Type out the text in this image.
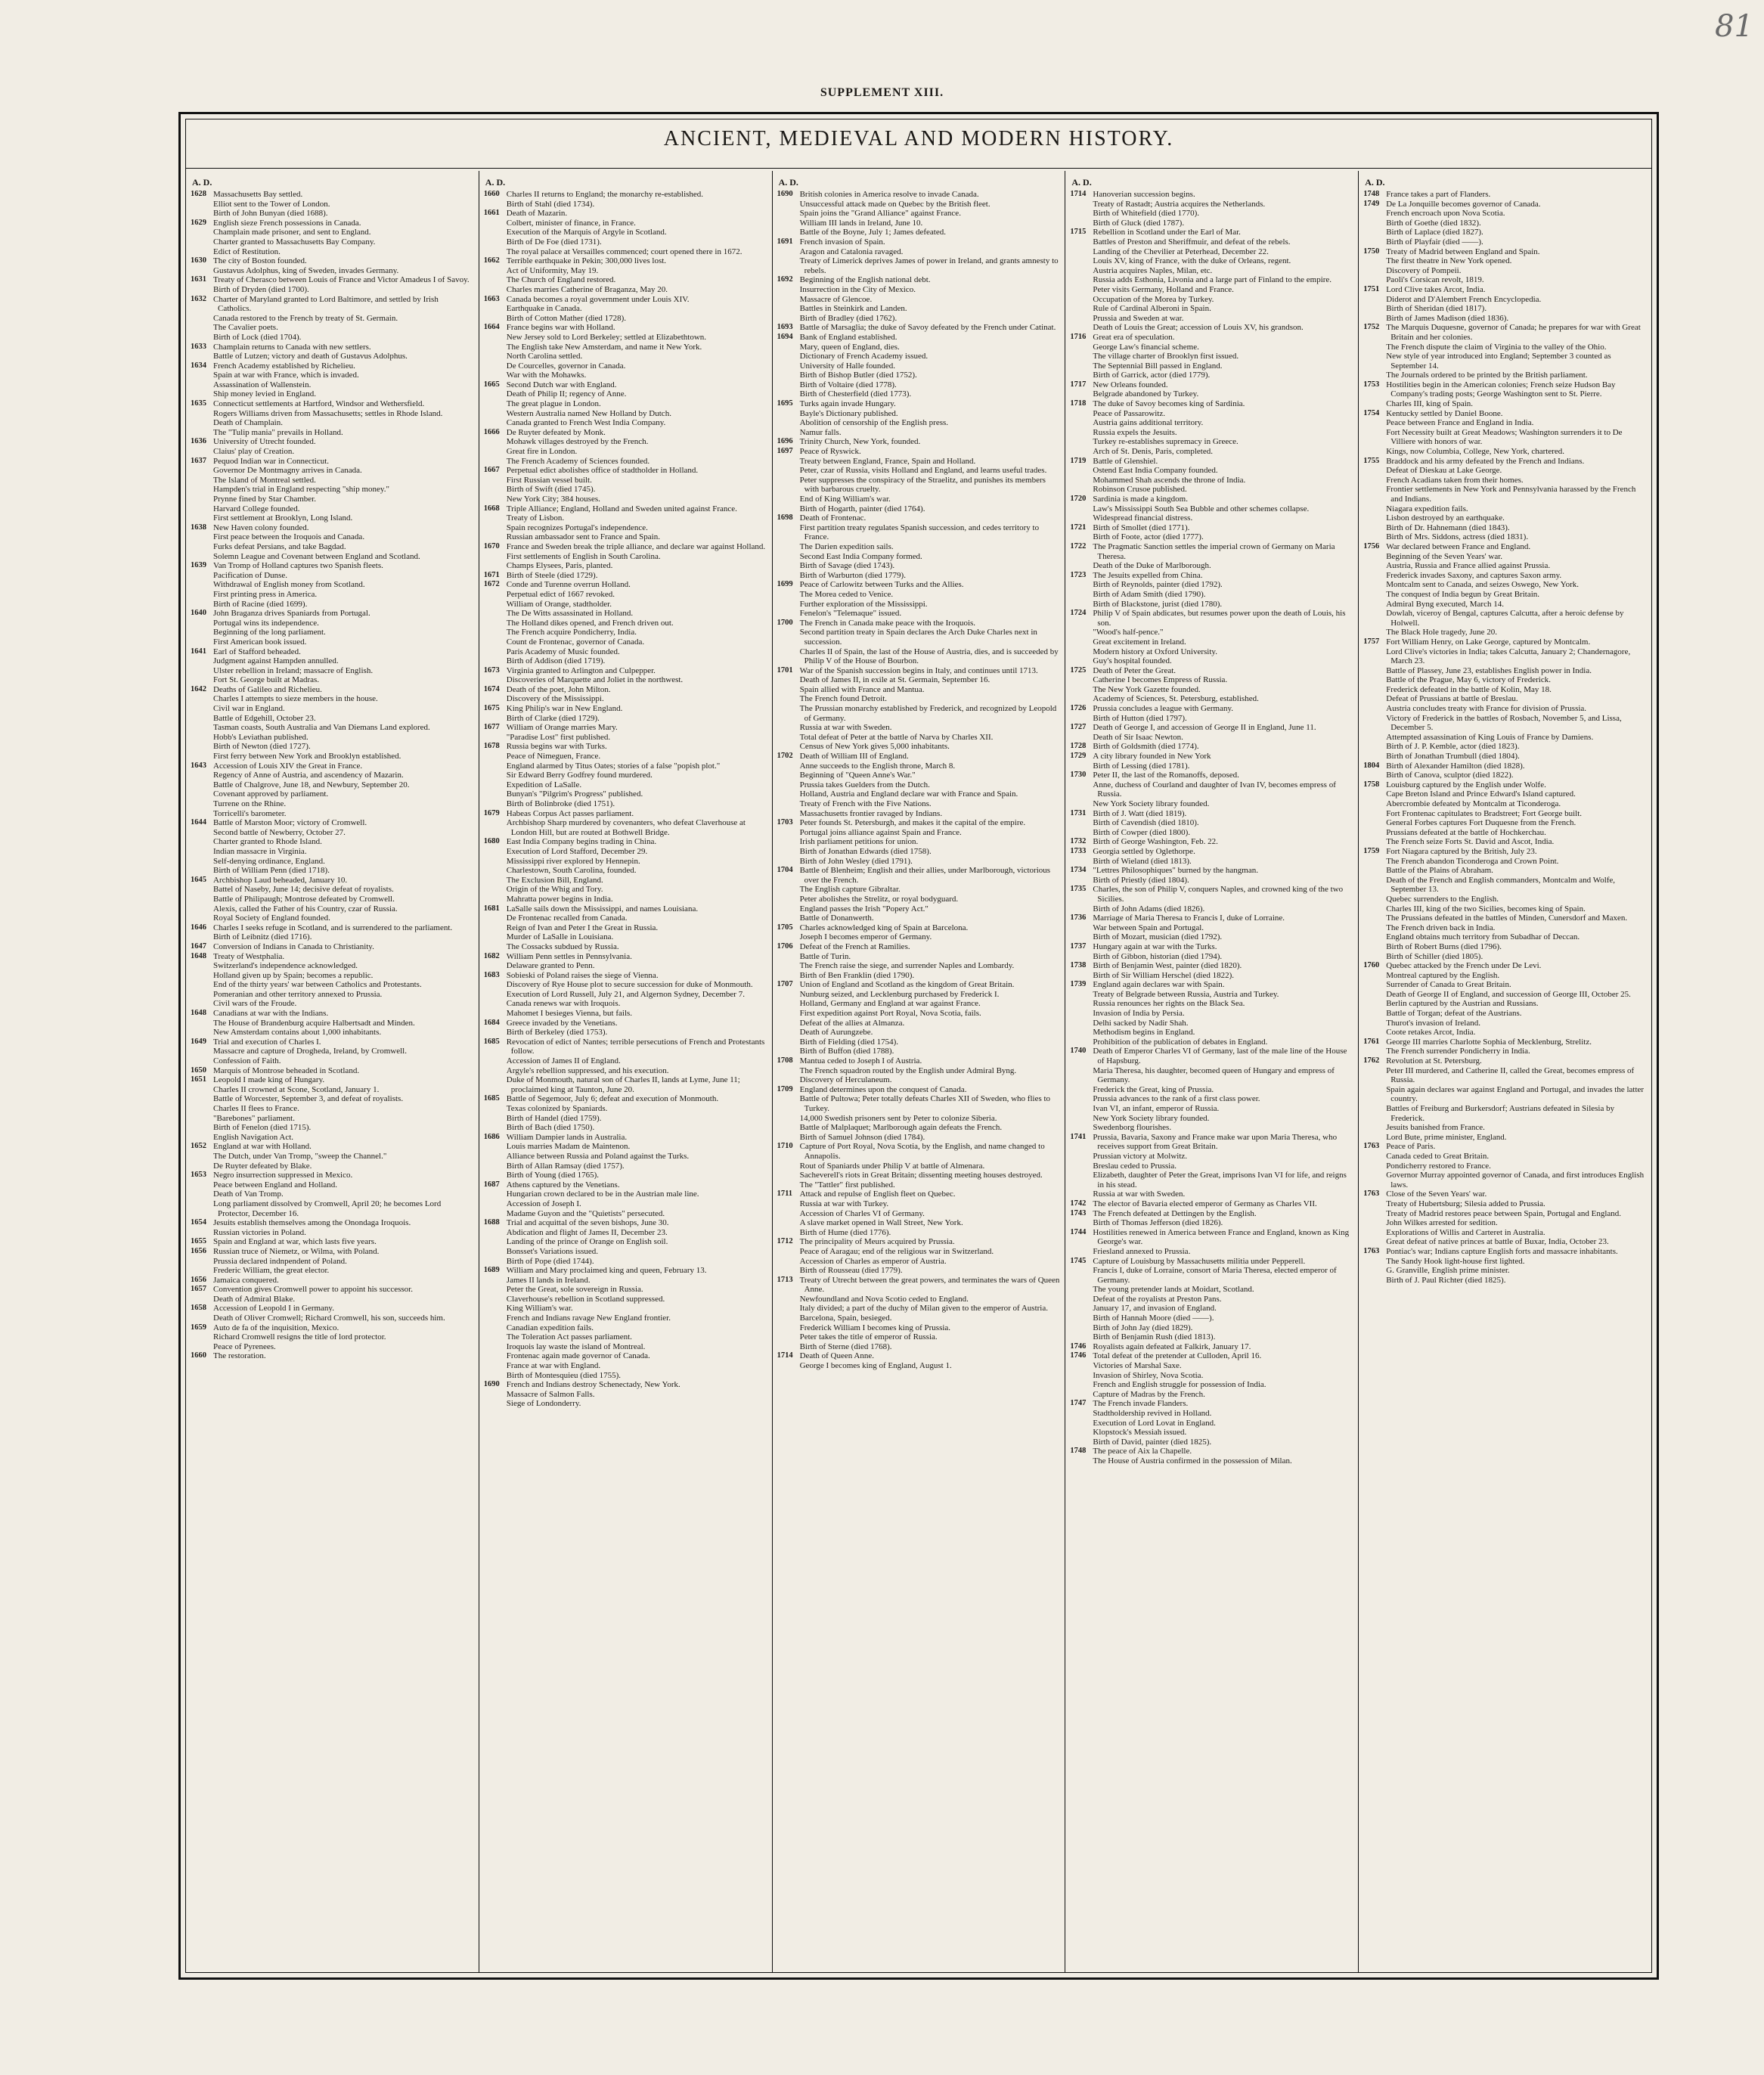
81
SUPPLEMENT XIII.
ANCIENT, MEDIEVAL AND MODERN HISTORY.
A. D.
1628 Massachusetts Bay settled.
Elliot sent to the Tower of London.
Birth of John Bunyan (died 1688).
1629 English sieze French possessions in Canada.
Champlain made prisoner, and sent to England.
Charter granted to Massachusetts Bay Company.
Edict of Restitution.
1630 The city of Boston founded.
Gustavus Adolphus, king of Sweden, invades Germany.
1631 Treaty of Cherasco between Louis of France and Victor Amadeus I of Savoy.
Birth of Dryden (died 1700).
1632 Charter of Maryland granted to Lord Baltimore, and settled by Irish Catholics.
Canada restored to the French by treaty of St. Germain.
The Cavalier poets.
Birth of Lock (died 1704).
1633 Champlain returns to Canada with new settlers.
Battle of Lutzen; victory and death of Gustavus Adolphus.
1634 French Academy established by Richelieu.
Spain at war with France, which is invaded.
Assassination of Wallenstein.
Ship money levied in England.
1635 Connecticut settlements at Hartford, Windsor and Wethersfield.
Rogers Williams driven from Massachusetts; settles in Rhode Island.
Death of Champlain.
The "Tulip mania" prevails in Holland.
1636 University of Utrecht founded.
Claius' play of Creation.
1637 Pequod Indian war in Connecticut.
Governor De Montmagny arrives in Canada.
The Island of Montreal settled.
Hampden's trial in England respecting "ship money."
Prynne fined by Star Chamber.
Harvard College founded.
First settlement at Brooklyn, Long Island.
1638 New Haven colony founded.
First peace between the Iroquois and Canada.
Furks defeat Persians, and take Bagdad.
Solemn League and Covenant between England and Scotland.
1639 Van Tromp of Holland captures two Spanish fleets.
Pacification of Dunse.
Withdrawal of English money from Scotland.
First printing press in America.
Birth of Racine (died 1699).
1640 John Braganza drives Spaniards from Portugal.
Portugal wins its independence.
Beginning of the long parliament.
First American book issued.
1641 Earl of Stafford beheaded.
Judgment against Hampden annulled.
Ulster rebellion in Ireland; massacre of English.
Fort St. George built at Madras.
1642 Deaths of Galileo and Richelieu.
Charles I attempts to sieze members in the house.
Civil war in England.
Battle of Edgehill, October 23.
Tasman coasts, South Australia and Van Diemans Land explored.
Hobb's Leviathan published.
Birth of Newton (died 1727).
First ferry between New York and Brooklyn established.
1643 Accession of Louis XIV the Great in France.
Regency of Anne of Austria, and ascendency of Mazarin.
Battle of Chalgrove, June 18, and Newbury, September 20.
Covenant approved by parliament.
Turrene on the Rhine.
Torricelli's barometer.
1644 Battle of Marston Moor; victory of Cromwell.
Second battle of Newberry, October 27.
Charter granted to Rhode Island.
Indian massacre in Virginia.
Self-denying ordinance, England.
Birth of William Penn (died 1718).
1645 Archbishop Laud beheaded, January 10.
Battel of Naseby, June 14; decisive defeat of royalists.
Battle of Philipaugh; Montrose defeated by Cromwell.
Alexis, called the Father of his Country, czar of Russia.
Royal Society of England founded.
1646 Charles I seeks refuge in Scotland, and is surrendered to the parliament.
Birth of Leibnitz (died 1716).
1647 Conversion of Indians in Canada to Christianity.
1648 Treaty of Westphalia.
Switzerland's independence acknowledged.
Holland given up by Spain; becomes a republic.
End of the thirty years' war between Catholics and Protestants.
Pomeranian and other territory annexed to Prussia.
Civil wars of the Froude.
1648 Canadians at war with the Indians.
The House of Brandenburg acquire Halbertsadt and Minden.
New Amsterdam contains about 1,000 inhabitants.
1649 Trial and execution of Charles I.
Massacre and capture of Drogheda, Ireland, by Cromwell.
Confession of Faith.
1650 Marquis of Montrose beheaded in Scotland.
1651 Leopold I made king of Hungary.
Charles II crowned at Scone, Scotland, January 1.
Battle of Worcester, September 3, and defeat of royalists.
Charles II flees to France.
"Barebones" parliament.
Birth of Fenelon (died 1715).
English Navigation Act.
1652 England at war with Holland.
The Dutch, under Van Tromp, "sweep the Channel."
De Ruyter defeated by Blake.
1653 Negro insurrection suppressed in Mexico.
Peace between England and Holland.
Death of Van Tromp.
Long parliament dissolved by Cromwell, April 20; he becomes Lord Protector, December 16.
1654 Jesuits establish themselves among the Onondaga Iroquois.
Russian victories in Poland.
1655 Spain and England at war, which lasts five years.
1656 Russian truce of Niemetz, or Wilma, with Poland.
Prussia declared indnpendent of Poland.
Frederic William, the great elector.
1656 Jamaica conquered.
1657 Convention gives Cromwell power to appoint his successor.
Death of Admiral Blake.
1658 Accession of Leopold I in Germany.
Death of Oliver Cromwell; Richard Cromwell, his son, succeeds him.
1659 Auto de fa of the inquisition, Mexico.
Richard Cromwell resigns the title of lord protector.
Peace of Pyrenees.
1660 The restoration.
A. D.
1660 Charles II returns to England; the monarchy re-established.
Birth of Stahl (died 1734).
1661 Death of Mazarin.
Colbert, minister of finance, in France.
Execution of the Marquis of Argyle in Scotland.
Birth of De Foe (died 1731).
The royal palace at Versailles commenced; court opened there in 1672.
1662 Terrible earthquake in Pekin; 300,000 lives lost.
Act of Uniformity, May 19.
The Church of England restored.
Charles marries Catherine of Braganza, May 20.
1663 Canada becomes a royal government under Louis XIV.
Earthquake in Canada.
Birth of Cotton Mather (died 1728).
1664 France begins war with Holland.
New Jersey sold to Lord Berkeley; settled at Elizabethtown.
The English take New Amsterdam, and name it New York.
North Carolina settled.
De Courcelles, governor in Canada.
War with the Mohawks.
1665 Second Dutch war with England.
Death of Philip II; regency of Anne.
The great plague in London.
Western Australia named New Holland by Dutch.
Canada granted to French West India Company.
1666 De Ruyter defeated by Monk.
Mohawk villages destroyed by the French.
Great fire in London.
The French Academy of Sciences founded.
1667 Perpetual edict abolishes office of stadtholder in Holland.
First Russian vessel built.
Birth of Swift (died 1745).
New York City; 384 houses.
1668 Triple Alliance; England, Holland and Sweden united against France.
Treaty of Lisbon.
Spain recognizes Portugal's independence.
Russian ambassador sent to France and Spain.
1670 France and Sweden break the triple alliance, and declare war against Holland.
First settlements of English in South Carolina.
Champs Elysees, Paris, planted.
1671 Birth of Steele (died 1729).
1672 Conde and Turenne overrun Holland.
Perpetual edict of 1667 revoked.
William of Orange, stadtholder.
The De Witts assassinated in Holland.
The Holland dikes opened, and French driven out.
The French acquire Pondicherry, India.
Count de Frontenac, governor of Canada.
Paris Academy of Music founded.
Birth of Addison (died 1719).
1673 Virginia granted to Arlington and Culpepper.
Discoveries of Marquette and Joliet in the northwest.
1674 Death of the poet, John Milton.
Discovery of the Mississippi.
1675 King Philip's war in New England.
Birth of Clarke (died 1729).
1677 William of Orange marries Mary.
"Paradise Lost" first published.
1678 Russia begins war with Turks.
Peace of Nimeguen, France.
England alarmed by Titus Oates; stories of a false "popish plot."
Sir Edward Berry Godfrey found murdered.
Expedition of LaSalle.
Bunyan's "Pilgrim's Progress" published.
Birth of Bolinbroke (died 1751).
1679 Habeas Corpus Act passes parliament.
Archbishop Sharp murdered by covenanters, who defeat Claverhouse at London Hill, but are routed at Bothwell Bridge.
1680 East India Company begins trading in China.
Execution of Lord Stafford, December 29.
Mississippi river explored by Hennepin.
Charlestown, South Carolina, founded.
The Exclusion Bill, England.
Origin of the Whig and Tory.
Mahratta power begins in India.
1681 LaSalle sails down the Mississippi, and names Louisiana.
De Frontenac recalled from Canada.
Reign of Ivan and Peter I the Great in Russia.
Murder of LaSalle in Louisiana.
The Cossacks subdued by Russia.
1682 William Penn settles in Pennsylvania.
Delaware granted to Penn.
1683 Sobieski of Poland raises the siege of Vienna.
Discovery of Rye House plot to secure succession for duke of Monmouth.
Execution of Lord Russell, July 21, and Algernon Sydney, December 7.
Canada renews war with Iroquois.
Mahomet I besieges Vienna, but fails.
1684 Greece invaded by the Venetians.
Birth of Berkeley (died 1753).
1685 Revocation of edict of Nantes; terrible persecutions of French and Protestants follow.
Accession of James II of England.
Argyle's rebellion suppressed, and his execution.
Duke of Monmouth, natural son of Charles II, lands at Lyme, June 11; proclaimed king at Taunton, June 20.
1685 Battle of Segemoor, July 6; defeat and execution of Monmouth.
Texas colonized by Spaniards.
Birth of Handel (died 1759).
Birth of Bach (died 1750).
1686 William Dampier lands in Australia.
Louis marries Madam de Maintenon.
Alliance between Russia and Poland against the Turks.
Birth of Allan Ramsay (died 1757).
Birth of Young (died 1765).
1687 Athens captured by the Venetians.
Hungarian crown declared to be in the Austrian male line.
Accession of Joseph I.
Madame Guyon and the "Quietists" persecuted.
1688 Trial and acquittal of the seven bishops, June 30.
Abdication and flight of James II, December 23.
Landing of the prince of Orange on English soil.
Bonsset's Variations issued.
Birth of Pope (died 1744).
1689 William and Mary proclaimed king and queen, February 13.
James II lands in Ireland.
Peter the Great, sole sovereign in Russia.
Claverhouse's rebellion in Scotland suppressed.
King William's war.
French and Indians ravage New England frontier.
Canadian expedition fails.
The Toleration Act passes parliament.
Iroquois lay waste the island of Montreal.
Frontenac again made governor of Canada.
France at war with England.
Birth of Montesquieu (died 1755).
1690 French and Indians destroy Schenectady, New York.
Massacre of Salmon Falls.
Siege of Londonderry.
A. D.
1690 British colonies in America resolve to invade Canada.
Unsuccessful attack made on Quebec by the British fleet.
Spain joins the "Grand Alliance" against France.
William III lands in Ireland, June 10.
Battle of the Boyne, July 1; James defeated.
1691 French invasion of Spain.
Aragon and Catalonia ravaged.
Treaty of Limerick deprives James of power in Ireland, and grants amnesty to rebels.
1692 Beginning of the English national debt.
Insurrection in the City of Mexico.
Massacre of Glencoe.
Battles in Steinkirk and Landen.
Birth of Bradley (died 1762).
1693 Battle of Marsaglia; the duke of Savoy defeated by the French under Catinat.
1694 Bank of England established.
Mary, queen of England, dies.
Dictionary of French Academy issued.
University of Halle founded.
Birth of Bishop Butler (died 1752).
Birth of Voltaire (died 1778).
Birth of Chesterfield (died 1773).
1695 Turks again invade Hungary.
Bayle's Dictionary published.
Abolition of censorship of the English press.
Namur falls.
1696 Trinity Church, New York, founded.
1697 Peace of Ryswick.
Treaty between England, France, Spain and Holland.
Peter, czar of Russia, visits Holland and England, and learns useful trades.
Peter suppresses the conspiracy of the Straelitz, and punishes its members with barbarous cruelty.
End of King William's war.
Birth of Hogarth, painter (died 1764).
1698 Death of Frontenac.
First partition treaty regulates Spanish succession, and cedes territory to France.
The Darien expedition sails.
Second East India Company formed.
Birth of Savage (died 1743).
Birth of Warburton (died 1779).
1699 Peace of Carlowitz between Turks and the Allies.
The Morea ceded to Venice.
Further exploration of the Mississippi.
Fenelon's "Telemaque" issued.
1700 The French in Canada make peace with the Iroquois.
Second partition treaty in Spain declares the Arch Duke Charles next in succession.
Charles II of Spain, the last of the House of Austria, dies, and is succeeded by Philip V of the House of Bourbon.
1701 War of the Spanish succession begins in Italy, and continues until 1713.
Death of James II, in exile at St. Germain, September 16.
Spain allied with France and Mantua.
The French found Detroit.
The Prussian monarchy established by Frederick, and recognized by Leopold of Germany.
Russia at war with Sweden.
Total defeat of Peter at the battle of Narva by Charles XII.
Census of New York gives 5,000 inhabitants.
1702 Death of William III of England.
Anne succeeds to the English throne, March 8.
Beginning of "Queen Anne's War."
Prussia takes Guelders from the Dutch.
Holland, Austria and England declare war with France and Spain.
Treaty of French with the Five Nations.
Massachusetts frontier ravaged by Indians.
1703 Peter founds St. Petersburgh, and makes it the capital of the empire.
Portugal joins alliance against Spain and France.
Irish parliament petitions for union.
Birth of Jonathan Edwards (died 1758).
Birth of John Wesley (died 1791).
1704 Battle of Blenheim; English and their allies, under Marlborough, victorious over the French.
The English capture Gibraltar.
Peter abolishes the Strelitz, or royal bodyguard.
England passes the Irish "Popery Act."
Battle of Donanwerth.
1705 Charles acknowledged king of Spain at Barcelona.
Joseph I becomes emperor of Germany.
1706 Defeat of the French at Ramilies.
Battle of Turin.
The French raise the siege, and surrender Naples and Lombardy.
Birth of Ben Franklin (died 1790).
1707 Union of England and Scotland as the kingdom of Great Britain.
Nunburg seized, and Lecklenburg purchased by Frederick I.
Holland, Germany and England at war against France.
First expedition against Port Royal, Nova Scotia, fails.
Defeat of the allies at Almanza.
Death of Aurungzebe.
Birth of Fielding (died 1754).
Birth of Buffon (died 1788).
1708 Mantua ceded to Joseph I of Austria.
The French squadron routed by the English under Admiral Byng.
Discovery of Herculaneum.
1709 England determines upon the conquest of Canada.
Battle of Pultowa; Peter totally defeats Charles XII of Sweden, who flies to Turkey.
14,000 Swedish prisoners sent by Peter to colonize Siberia.
Battle of Malplaquet; Marlborough again defeats the French.
Birth of Samuel Johnson (died 1784).
1710 Capture of Port Royal, Nova Scotia, by the English, and name changed to Annapolis.
Rout of Spaniards under Philip V at battle of Almenara.
Sacheverell's riots in Great Britain; dissenting meeting houses destroyed.
The "Tattler" first published.
1711 Attack and repulse of English fleet on Quebec.
Russia at war with Turkey.
Accession of Charles VI of Germany.
A slave market opened in Wall Street, New York.
Birth of Hume (died 1776).
1712 The principality of Meurs acquired by Prussia.
Peace of Aaragau; end of the religious war in Switzerland.
Accession of Charles as emperor of Austria.
Birth of Rousseau (died 1779).
1713 Treaty of Utrecht between the great powers, and terminates the wars of Queen Anne.
Newfoundland and Nova Scotio ceded to England.
Italy divided; a part of the duchy of Milan given to the emperor of Austria.
Barcelona, Spain, besieged.
Frederick William I becomes king of Prussia.
Peter takes the title of emperor of Russia.
Birth of Sterne (died 1768).
1714 Death of Queen Anne.
George I becomes king of England, August 1.
A. D.
1714 Hanoverian succession begins.
Treaty of Rastadt; Austria acquires the Netherlands.
Birth of Whitefield (died 1770).
Birth of Gluck (died 1787).
1715 Rebellion in Scotland under the Earl of Mar.
Battles of Preston and Sheriffmuir, and defeat of the rebels.
Landing of the Chevilier at Peterhead, December 22.
Louis XV, king of France, with the duke of Orleans, regent.
Austria acquires Naples, Milan, etc.
Russia adds Esthonia, Livonia and a large part of Finland to the empire.
Peter visits Germany, Holland and France.
Occupation of the Morea by Turkey.
Rule of Cardinal Alberoni in Spain.
Prussia and Sweden at war.
Death of Louis the Great; accession of Louis XV, his grandson.
1716 Great era of speculation.
George Law's financial scheme.
The village charter of Brooklyn first issued.
The Septennial Bill passed in England.
Birth of Garrick, actor (died 1779).
1717 New Orleans founded.
Belgrade abandoned by Turkey.
1718 The duke of Savoy becomes king of Sardinia.
Peace of Passarowitz.
Austria gains additional territory.
Russia expels the Jesuits.
Turkey re-establishes supremacy in Greece.
Arch of St. Denis, Paris, completed.
1719 Battle of Glenshiel.
Ostend East India Company founded.
Mohammed Shah ascends the throne of India.
Robinson Crusoe published.
1720 Sardinia is made a kingdom.
Law's Mississippi South Sea Bubble and other schemes collapse.
Widespread financial distress.
1721 Birth of Smollet (died 1771).
Birth of Foote, actor (died 1777).
1722 The Pragmatic Sanction settles the imperial crown of Germany on Maria Theresa.
Death of the Duke of Marlborough.
1723 The Jesuits expelled from China.
Birth of Reynolds, painter (died 1792).
Birth of Adam Smith (died 1790).
Birth of Blackstone, jurist (died 1780).
1724 Philip V of Spain abdicates, but resumes power upon the death of Louis, his son.
"Wood's half-pence."
Great excitement in Ireland.
Modern history at Oxford University.
Guy's hospital founded.
1725 Death of Peter the Great.
Catherine I becomes Empress of Russia.
The New York Gazette founded.
Academy of Sciences, St. Petersburg, established.
1726 Prussia concludes a league with Germany.
Birth of Hutton (died 1797).
1727 Death of George I, and accession of George II in England, June 11.
Death of Sir Isaac Newton.
1728 Birth of Goldsmith (died 1774).
1729 A city library founded in New York
Birth of Lessing (died 1781).
1730 Peter II, the last of the Romanoffs, deposed.
Anne, duchess of Courland and daughter of Ivan IV, becomes empress of Russia.
New York Society library founded.
1731 Birth of J. Watt (died 1819).
Birth of Cavendish (died 1810).
Birth of Cowper (died 1800).
1732 Birth of George Washington, Feb. 22.
1733 Georgia settled by Oglethorpe.
Birth of Wieland (died 1813).
1734 "Lettres Philosophiques" burned by the hangman.
Birth of Priestly (died 1804).
1735 Charles, the son of Philip V, conquers Naples, and crowned king of the two Sicilies.
Birth of John Adams (died 1826).
1736 Marriage of Maria Theresa to Francis I, duke of Lorraine.
War between Spain and Portugal.
Birth of Mozart, musician (died 1792).
1737 Hungary again at war with the Turks.
Birth of Gibbon, historian (died 1794).
1738 Birth of Benjamin West, painter (died 1820).
Birth of Sir William Herschel (died 1822).
1739 England again declares war with Spain.
Treaty of Belgrade between Russia, Austria and Turkey.
Russia renounces her rights on the Black Sea.
Invasion of India by Persia.
Delhi sacked by Nadir Shah.
Methodism begins in England.
Prohibition of the publication of debates in England.
1740 Death of Emperor Charles VI of Germany, last of the male line of the House of Hapsburg.
Maria Theresa, his daughter, becomed queen of Hungary and empress of Germany.
Frederick the Great, king of Prussia.
Prussia advances to the rank of a first class power.
Ivan VI, an infant, emperor of Russia.
New York Society library founded.
Swedenborg flourishes.
1741 Prussia, Bavaria, Saxony and France make war upon Maria Theresa, who receives support from Great Britain.
Prussian victory at Molwitz.
Breslau ceded to Prussia.
Elizabeth, daughter of Peter the Great, imprisons Ivan VI for life, and reigns in his stead.
Russia at war with Sweden.
1742 The elector of Bavaria elected emperor of Germany as Charles VII.
1743 The French defeated at Dettingen by the English.
Birth of Thomas Jefferson (died 1826).
1744 Hostilities renewed in America between France and England, known as King George's war.
Friesland annexed to Prussia.
1745 Capture of Louisburg by Massachusetts militia under Pepperell.
Francis I, duke of Lorraine, consort of Maria Theresa, elected emperor of Germany.
The young pretender lands at Moidart, Scotland.
Defeat of the royalists at Preston Pans.
January 17, and invasion of England.
Birth of Hannah Moore (died ——).
Birth of John Jay (died 1829).
Birth of Benjamin Rush (died 1813).
1746 Royalists again defeated at Falkirk, January 17.
1746 Total defeat of the pretender at Culloden, April 16.
Victories of Marshal Saxe.
Invasion of Shirley, Nova Scotia.
French and English struggle for possession of India.
Capture of Madras by the French.
1747 The French invade Flanders.
Stadtholdership revived in Holland.
Execution of Lord Lovat in England.
Klopstock's Messiah issued.
Birth of David, painter (died 1825).
1748 The peace of Aix la Chapelle.
The House of Austria confirmed in the possession of Milan.
A. D.
1748 France takes a part of Flanders.
1749 De La Jonquille becomes governor of Canada.
French encroach upon Nova Scotia.
Birth of Goethe (died 1832).
Birth of Laplace (died 1827).
Birth of Playfair (died ——).
1750 Treaty of Madrid between England and Spain.
The first theatre in New York opened.
Discovery of Pompeii.
Paoli's Corsican revolt, 1819.
1751 Lord Clive takes Arcot, India.
Diderot and D'Alembert French Encyclopedia.
Birth of Sheridan (died 1817).
Birth of James Madison (died 1836).
1752 The Marquis Duquesne, governor of Canada; he prepares for war with Great Britain and her colonies.
The French dispute the claim of Virginia to the valley of the Ohio.
New style of year introduced into England; September 3 counted as September 14.
The Journals ordered to be printed by the British parliament.
1753 Hostilities begin in the American colonies; French seize Hudson Bay Company's trading posts; George Washington sent to St. Pierre.
Charles III, king of Spain.
1754 Kentucky settled by Daniel Boone.
Peace between France and England in India.
Fort Necessity built at Great Meadows; Washington surrenders it to De Villiere with honors of war.
Kings, now Columbia, College, New York, chartered.
1755 Braddock and his army defeated by the French and Indians.
Defeat of Dieskau at Lake George.
French Acadians taken from their homes.
Frontier settlements in New York and Pennsylvania harassed by the French and Indians.
Niagara expedition fails.
Lisbon destroyed by an earthquake.
Birth of Dr. Hahnemann (died 1843).
Birth of Mrs. Siddons, actress (died 1831).
1756 War declared between France and England.
Beginning of the Seven Years' war.
Austria, Russia and France allied against Prussia.
Frederick invades Saxony, and captures Saxon army.
Montcalm sent to Canada, and seizes Oswego, New York.
The conquest of India begun by Great Britain.
Admiral Byng executed, March 14.
Dowlah, viceroy of Bengal, captures Calcutta, after a heroic defense by Holwell.
The Black Hole tragedy, June 20.
1757 Fort William Henry, on Lake George, captured by Montcalm.
Lord Clive's victories in India; takes Calcutta, January 2; Chandernagore, March 23.
Battle of Plassey, June 23, establishes English power in India.
Battle of the Prague, May 6, victory of Frederick.
Frederick defeated in the battle of Kolin, May 18.
Defeat of Prussians at battle of Breslau.
Austria concludes treaty with France for division of Prussia.
Victory of Frederick in the battles of Rosbach, November 5, and Lissa, December 5.
Attempted assassination of King Louis of France by Damiens.
Birth of J. P. Kemble, actor (died 1823).
Birth of Jonathan Trumbull (died 1804).
1804 Birth of Alexander Hamilton (died 1828).
Birth of Canova, sculptor (died 1822).
1758 Louisburg captured by the English under Wolfe.
Cape Breton Island and Prince Edward's Island captured.
Abercrombie defeated by Montcalm at Ticonderoga.
Fort Frontenac capitulates to Bradstreet; Fort George built.
General Forbes captures Fort Duquesne from the French.
Prussians defeated at the battle of Hochkerchau.
The French seize Forts St. David and Ascot, India.
1759 Fort Niagara captured by the British, July 23.
The French abandon Ticonderoga and Crown Point.
Battle of the Plains of Abraham.
Death of the French and English commanders, Montcalm and Wolfe, September 13.
Quebec surrenders to the English.
Charles III, king of the two Sicilies, becomes king of Spain.
The Prussians defeated in the battles of Minden, Cunersdorf and Maxen.
The French driven back in India.
England obtains much territory from Subadhar of Deccan.
Birth of Robert Burns (died 1796).
Birth of Schiller (died 1805).
1760 Quebec attacked by the French under De Levi.
Montreal captured by the English.
Surrender of Canada to Great Britain.
Death of George II of England, and succession of George III, October 25.
Berlin captured by the Austrian and Russians.
Battle of Torgan; defeat of the Austrians.
Thurot's invasion of Ireland.
Coote retakes Arcot, India.
1761 George III marries Charlotte Sophia of Mecklenburg, Strelitz.
The French surrender Pondicherry in India.
1762 Revolution at St. Petersburg.
Peter III murdered, and Catherine II, called the Great, becomes empress of Russia.
Spain again declares war against England and Portugal, and invades the latter country.
Battles of Freiburg and Burkersdorf; Austrians defeated in Silesia by Frederick.
Jesuits banished from France.
Lord Bute, prime minister, England.
1763 Peace of Paris.
Canada ceded to Great Britain.
Pondicherry restored to France.
Governor Murray appointed governor of Canada, and first introduces English laws.
1763 Close of the Seven Years' war.
Treaty of Hubertsburg; Silesia added to Prussia.
Treaty of Madrid restores peace between Spain, Portugal and England.
John Wilkes arrested for sedition.
Explorations of Willis and Carteret in Australia.
Great defeat of native princes at battle of Buxar, India, October 23.
1763 Pontiac's war; Indians capture English forts and massacre inhabitants.
The Sandy Hook light-house first lighted.
G. Granville, English prime minister.
Birth of J. Paul Richter (died 1825).
